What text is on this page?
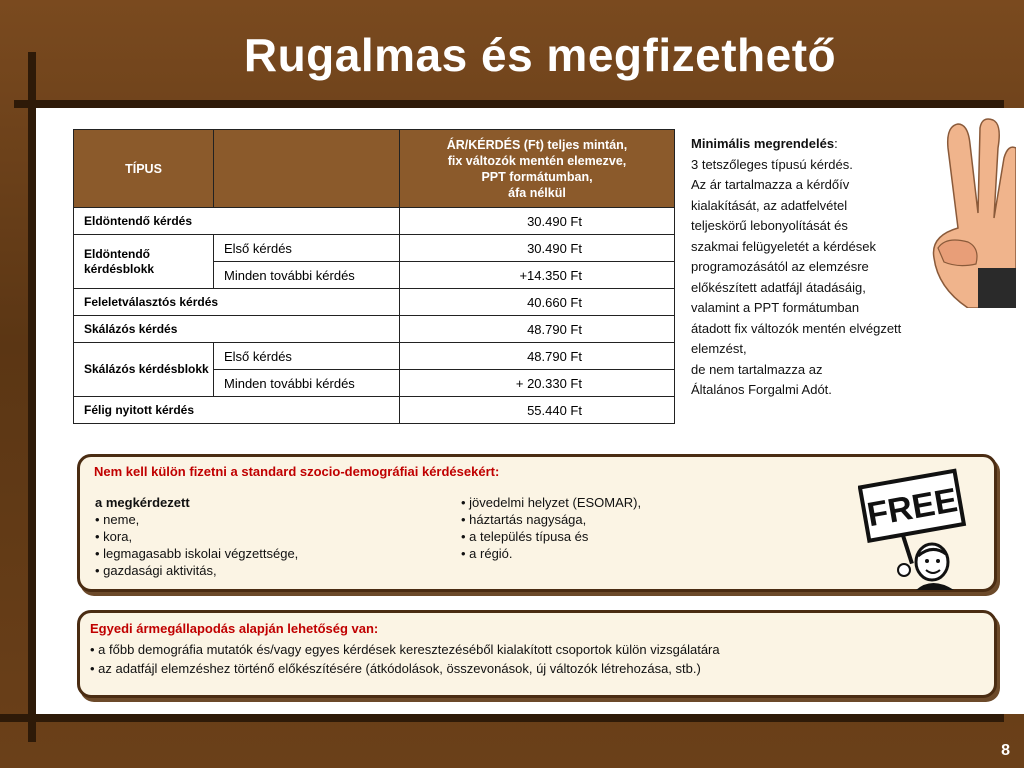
Rugalmas és megfizethető
TÍPUS		ÁR/KÉRDÉS (Ft) teljes mintán,
fix változók mentén elemezve,
PPT formátumban,
áfa nélkül

Eldöntendő kérdés		30.490 Ft
Eldöntendő kérdésblokk	Első kérdés	30.490 Ft
	Minden további kérdés	+14.350 Ft
Feleletválasztós kérdés		40.660 Ft
Skálázós kérdés		48.790 Ft
Skálázós kérdésblokk	Első kérdés	48.790 Ft
	Minden további kérdés	+ 20.330 Ft
Félig nyitott kérdés		55.440 Ft
Minimális megrendelés:
3 tetszőleges típusú kérdés.
Az ár tartalmazza a kérdőív
kialakítását, az adatfelvétel
teljeskörű lebonyolítását és
szakmai felügyeletét a kérdések
programozásától az elemzésre
előkészített adatfájl átadásáig,
valamint a PPT formátumban
átadott fix változók mentén elvégzett
elemzést,
de nem tartalmazza az
Általános Forgalmi Adót.
Nem kell külön fizetni a standard szocio-demográfiai kérdésekért:
a megkérdezett
• neme,
• kora,
• legmagasabb iskolai végzettsége,
• gazdasági aktivitás,
• jövedelmi helyzet (ESOMAR),
• háztartás nagysága,
• a település típusa és
• a régió.
FREE
Egyedi ármegállapodás alapján lehetőség van:
• a főbb demográfia mutatók és/vagy egyes kérdések keresztezéséből kialakított csoportok külön vizsgálatára
• az adatfájl elemzéshez történő előkészítésére (átkódolások, összevonások, új változók létrehozása, stb.)
8
